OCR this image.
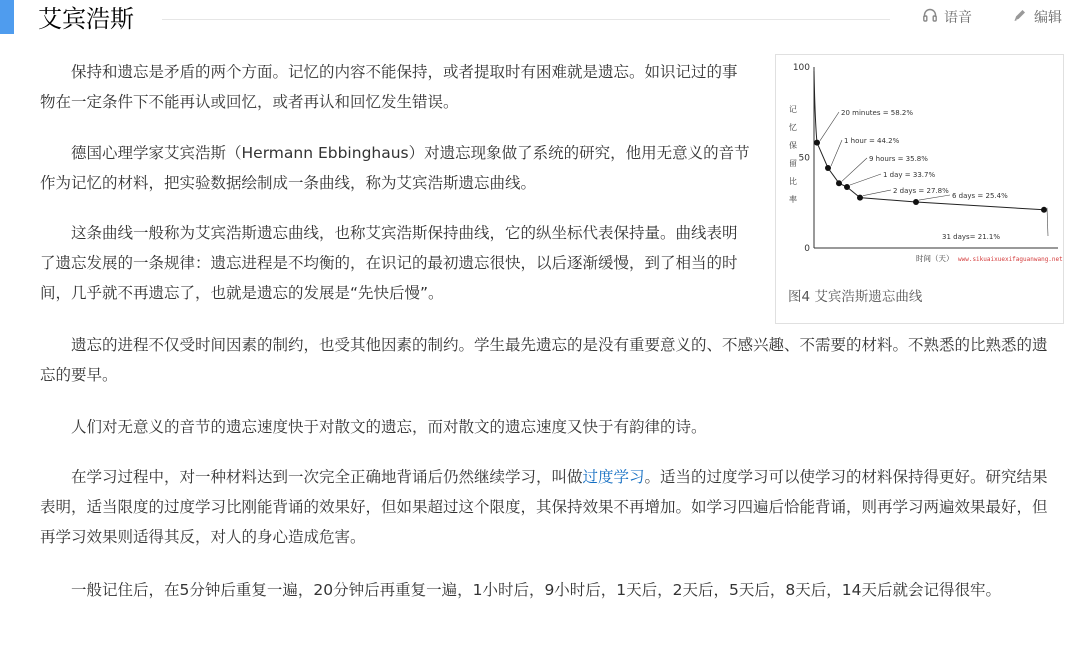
艾宾浩斯	语音	编辑

保持和遗忘是矛盾的两个方面。记忆的内容不能保持，或者提取时有困难就是遗忘。如识记过的事物在一定条件下不能再认或回忆，或者再认和回忆发生错误。

德国心理学家艾宾浩斯（Hermann Ebbinghaus）对遗忘现象做了系统的研究，他用无意义的音节作为记忆的材料，把实验数据绘制成一条曲线，称为艾宾浩斯遗忘曲线。

这条曲线一般称为艾宾浩斯遗忘曲线，也称艾宾浩斯保持曲线，它的纵坐标代表保持量。曲线表明了遗忘发展的一条规律：遗忘进程是不均衡的，在识记的最初遗忘很快，以后逐渐缓慢，到了相当的时间，几乎就不再遗忘了，也就是遗忘的发展是“先快后慢”。

遗忘的进程不仅受时间因素的制约，也受其他因素的制约。学生最先遗忘的是没有重要意义的、不感兴趣、不需要的材料。不熟悉的比熟悉的遗忘的要早。

人们对无意义的音节的遗忘速度快于对散文的遗忘，而对散文的遗忘速度又快于有韵律的诗。

在学习过程中，对一种材料达到一次完全正确地背诵后仍然继续学习，叫做过度学习。适当的过度学习可以使学习的材料保持得更好。研究结果表明，适当限度的过度学习比刚能背诵的效果好，但如果超过这个限度，其保持效果不再增加。如学习四遍后恰能背诵，则再学习两遍效果最好，但再学习效果则适得其反，对人的身心造成危害。

一般记住后，在5分钟后重复一遍，20分钟后再重复一遍，1小时后，9小时后，1天后，2天后，5天后，8天后，14天后就会记得很牢。

0
50
100
记
忆
保
留
比
率
时间（天） www.sikuaixuexifaguanwang.net
20 minutes = 58.2%
1 hour = 44.2%
9 hours = 35.8%
1 day = 33.7%
2 days = 27.8%
6 days = 25.4%
31 days= 21.1%
图4 艾宾浩斯遗忘曲线
